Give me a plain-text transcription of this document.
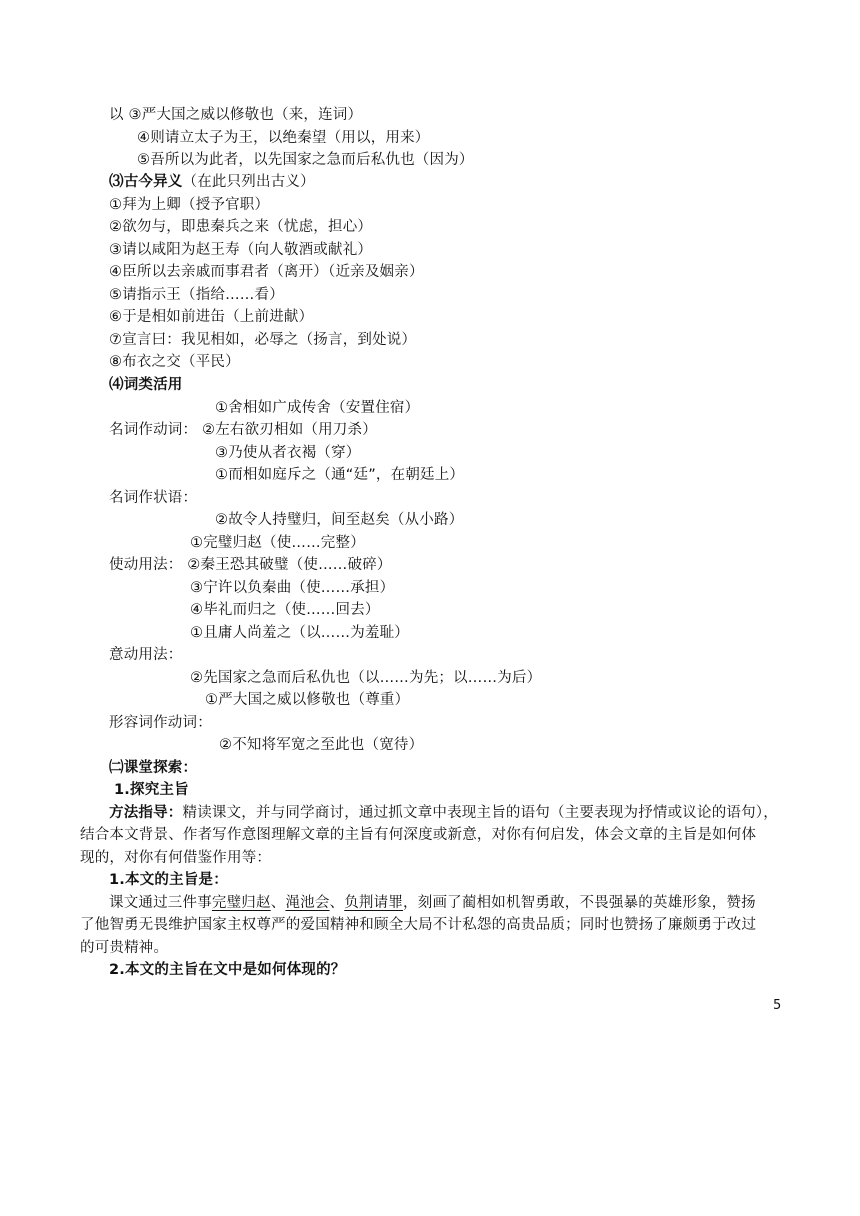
以 ③严大国之威以修敬也（来，连词）
④则请立太子为王，以绝秦望（用以，用来）
⑤吾所以为此者，以先国家之急而后私仇也（因为）
⑶古今异义（在此只列出古义）
①拜为上卿（授予官职）
②欲勿与，即患秦兵之来（忧虑，担心）
③请以咸阳为赵王寿（向人敬酒或献礼）
④臣所以去亲戚而事君者（离开）（近亲及姻亲）
⑤请指示王（指给……看）
⑥于是相如前进缶（上前进献）
⑦宣言曰：我见相如，必辱之（扬言，到处说）
⑧布衣之交（平民）
⑷词类活用
①舍相如广成传舍（安置住宿）
名词作动词： ②左右欲刃相如（用刀杀）
③乃使从者衣褐（穿）
①而相如庭斥之（通“廷”，在朝廷上）
名词作状语：
②故令人持璧归，间至赵矣（从小路）
①完璧归赵（使……完整）
使动用法： ②秦王恐其破璧（使……破碎）
③宁许以负秦曲（使……承担）
④毕礼而归之（使……回去）
①且庸人尚羞之（以……为羞耻）
意动用法：
②先国家之急而后私仇也（以……为先；以……为后）
①严大国之威以修敬也（尊重）
形容词作动词：
②不知将军宽之至此也（宽待）
㈡课堂探索：
1.探究主旨
方法指导：精读课文，并与同学商讨，通过抓文章中表现主旨的语句（主要表现为抒情或议论的语句），
结合本文背景、作者写作意图理解文章的主旨有何深度或新意，对你有何启发，体会文章的主旨是如何体
现的，对你有何借鉴作用等：
1.本文的主旨是：
课文通过三件事完璧归赵、渑池会、负荆请罪，刻画了蔺相如机智勇敢，不畏强暴的英雄形象，赞扬
了他智勇无畏维护国家主权尊严的爱国精神和顾全大局不计私怨的高贵品质；同时也赞扬了廉颇勇于改过
的可贵精神。
2.本文的主旨在文中是如何体现的？
5
